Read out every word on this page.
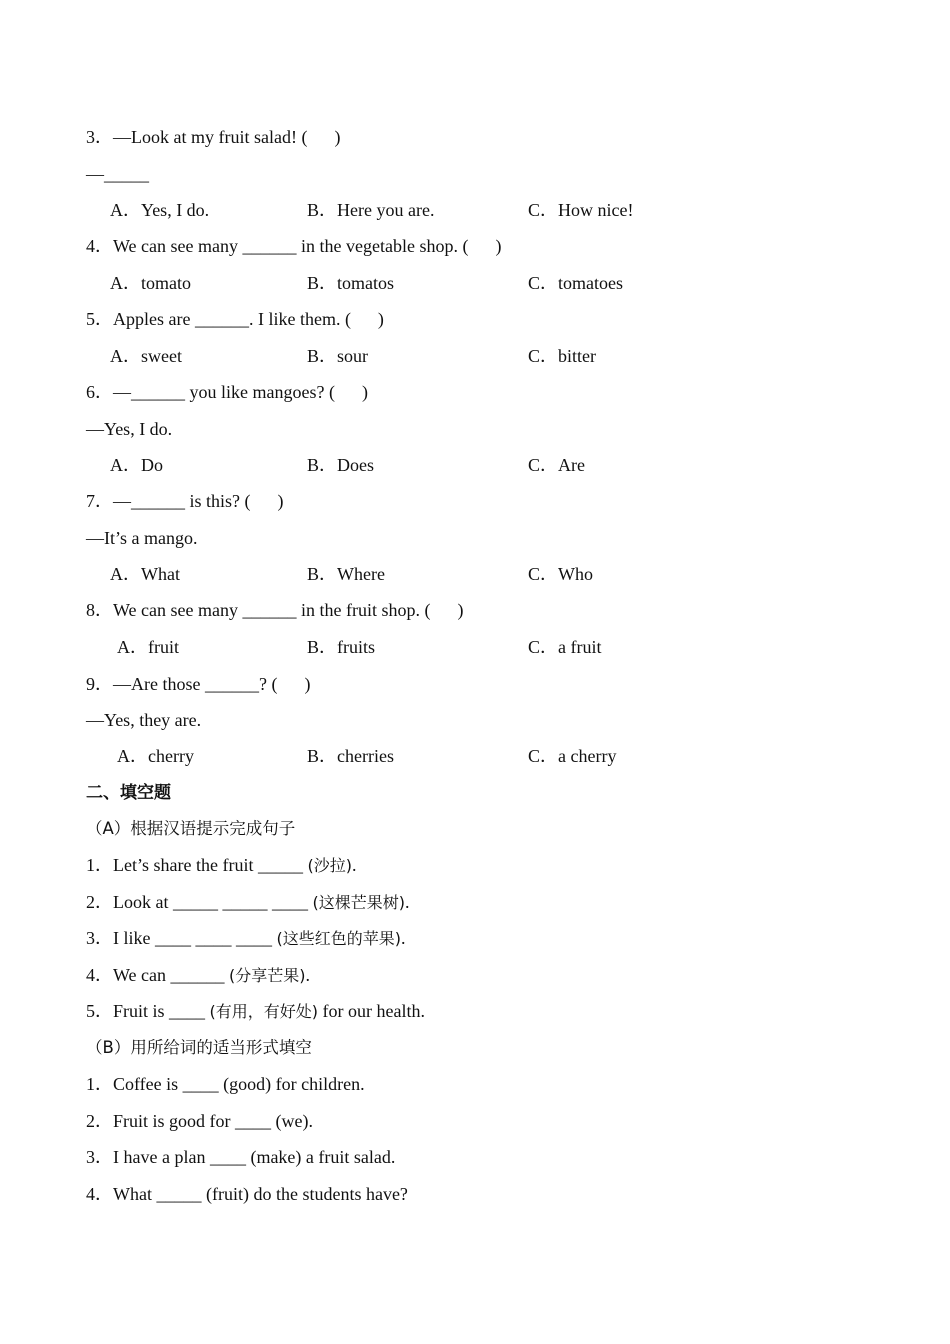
3．—Look at my fruit salad! (      )
—_____
A．Yes, I do.	B．Here you are.	C．How nice!
4．We can see many ______ in the vegetable shop. (      )
A．tomato	B．tomatos	C．tomatoes
5．Apples are ______. I like them. (      )
A．sweet	B．sour	C．bitter
6．—______ you like mangoes? (      )
—Yes, I do.
A．Do	B．Does	C．Are
7．—______ is this? (      )
—It’s a mango.
A．What	B．Where	C．Who
8．We can see many ______ in the fruit shop. (      )
A．fruit	B．fruits	C．a fruit
9．—Are those ______? (      )
—Yes, they are.
A．cherry	B．cherries	C．a cherry
二、填空题
（A）根据汉语提示完成句子
1．Let’s share the fruit _____ (沙拉).
2．Look at _____ _____ ____ (这棵芒果树).
3．I like ____ ____ ____ (这些红色的苹果).
4．We can ______ (分享芒果).
5．Fruit is ____ (有用，有好处) for our health.
（B）用所给词的适当形式填空
1．Coffee is ____ (good) for children.
2．Fruit is good for ____ (we).
3．I have a plan ____ (make) a fruit salad.
4．What _____ (fruit) do the students have?
